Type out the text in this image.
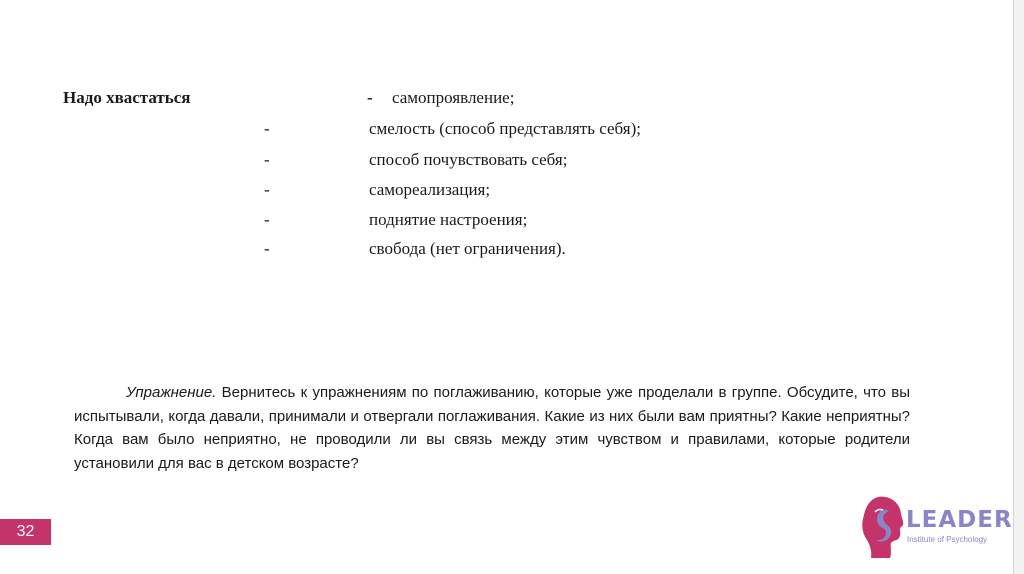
Надо хвастаться	- самопроявление;
-	смелость (способ представлять себя);
-	способ почувствовать себя;
-	самореализация;
-	поднятие настроения;
-	свобода (нет ограничения).

Упражнение. Вернитесь к упражнениям по поглаживанию, которые уже проделали в группе. Обсудите, что вы испытывали, когда давали, принимали и отвергали поглаживания. Какие из них были вам приятны? Какие неприятны? Когда вам было неприятно, не проводили ли вы связь между этим чувством и правилами, которые родители установили для вас в детском возрасте?

32	LEADER
Institute of Psychology
